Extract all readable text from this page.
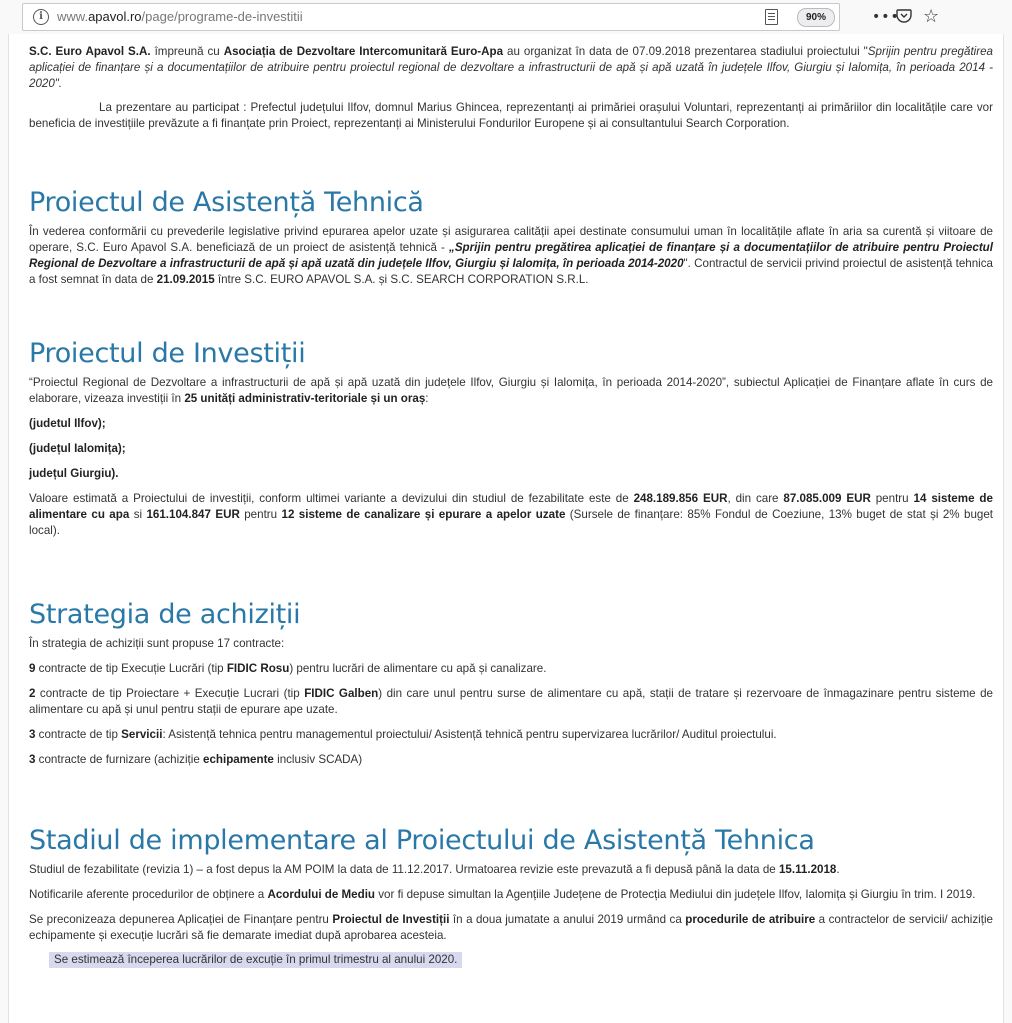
i	www.apavol.ro/page/programe-de-investitii	90%	••• ☆

S.C. Euro Apavol S.A. împreună cu Asociația de Dezvoltare Intercomunitară Euro-Apa au organizat în data de 07.09.2018 prezentarea stadiului proiectului "Sprijin pentru pregătirea aplicației de finanțare și a documentațiilor de atribuire pentru proiectul regional de dezvoltare a infrastructurii de apă și apă uzată în județele Ilfov, Giurgiu și Ialomița, în perioada 2014 - 2020".

La prezentare au participat : Prefectul județului Ilfov, domnul Marius Ghincea, reprezentanți ai primăriei orașului Voluntari, reprezentanți ai primăriilor din localitățile care vor beneficia de investițiile prevăzute a fi finanțate prin Proiect, reprezentanți ai Ministerului Fondurilor Europene și ai consultantului Search Corporation.

Proiectul de Asistență Tehnică

În vederea conformării cu prevederile legislative privind epurarea apelor uzate și asigurarea calității apei destinate consumului uman în localitățile aflate în aria sa curentă și viitoare de operare, S.C. Euro Apavol S.A. beneficiază de un proiect de asistență tehnică - „Sprijin pentru pregătirea aplicației de finanțare și a documentațiilor de atribuire pentru Proiectul Regional de Dezvoltare a infrastructurii de apă și apă uzată din județele Ilfov, Giurgiu și Ialomița, în perioada 2014-2020". Contractul de servicii privind proiectul de asistență tehnica a fost semnat în data de 21.09.2015 între S.C. EURO APAVOL S.A. și S.C. SEARCH CORPORATION S.R.L.

Proiectul de Investiții

“Proiectul Regional de Dezvoltare a infrastructurii de apă și apă uzată din județele Ilfov, Giurgiu și Ialomița, în perioada 2014-2020”, subiectul Aplicației de Finanțare aflate în curs de elaborare, vizeaza investiții în 25 unități administrativ-teritoriale și un oraș:

(judetul Ilfov);

(județul Ialomița);

județul Giurgiu).

Valoare estimată a Proiectului de investiții, conform ultimei variante a devizului din studiul de fezabilitate este de 248.189.856 EUR, din care 87.085.009 EUR pentru 14 sisteme de alimentare cu apa si 161.104.847 EUR pentru 12 sisteme de canalizare și epurare a apelor uzate (Sursele de finanțare: 85% Fondul de Coeziune, 13% buget de stat și 2% buget local).

Strategia de achiziții

În strategia de achiziții sunt propuse 17 contracte:

9 contracte de tip Execuție Lucrări (tip FIDIC Rosu) pentru lucrări de alimentare cu apă și canalizare.

2 contracte de tip Proiectare + Execuție Lucrari (tip FIDIC Galben) din care unul pentru surse de alimentare cu apă, stații de tratare și rezervoare de înmagazinare pentru sisteme de alimentare cu apă și unul pentru stații de epurare ape uzate.

3 contracte de tip Servicii: Asistență tehnica pentru managementul proiectului/ Asistență tehnică pentru supervizarea lucrărilor/ Auditul proiectului.

3 contracte de furnizare (achiziție echipamente inclusiv SCADA)

Stadiul de implementare al Proiectului de Asistență Tehnica

Studiul de fezabilitate (revizia 1) – a fost depus la AM POIM la data de 11.12.2017. Urmatoarea revizie este prevazută a fi depusă până la data de 15.11.2018.

Notificarile aferente procedurilor de obținere a Acordului de Mediu vor fi depuse simultan la Agențiile Județene de Protecția Mediului din județele Ilfov, Ialomița și Giurgiu în trim. I 2019.

Se preconizeaza depunerea Aplicației de Finanțare pentru Proiectul de Investiții în a doua jumatate a anului 2019 urmând ca procedurile de atribuire a contractelor de servicii/ achiziție echipamente și execuție lucrări să fie demarate imediat după aprobarea acesteia.

Se estimează începerea lucrărilor de excuție în primul trimestru al anului 2020.
